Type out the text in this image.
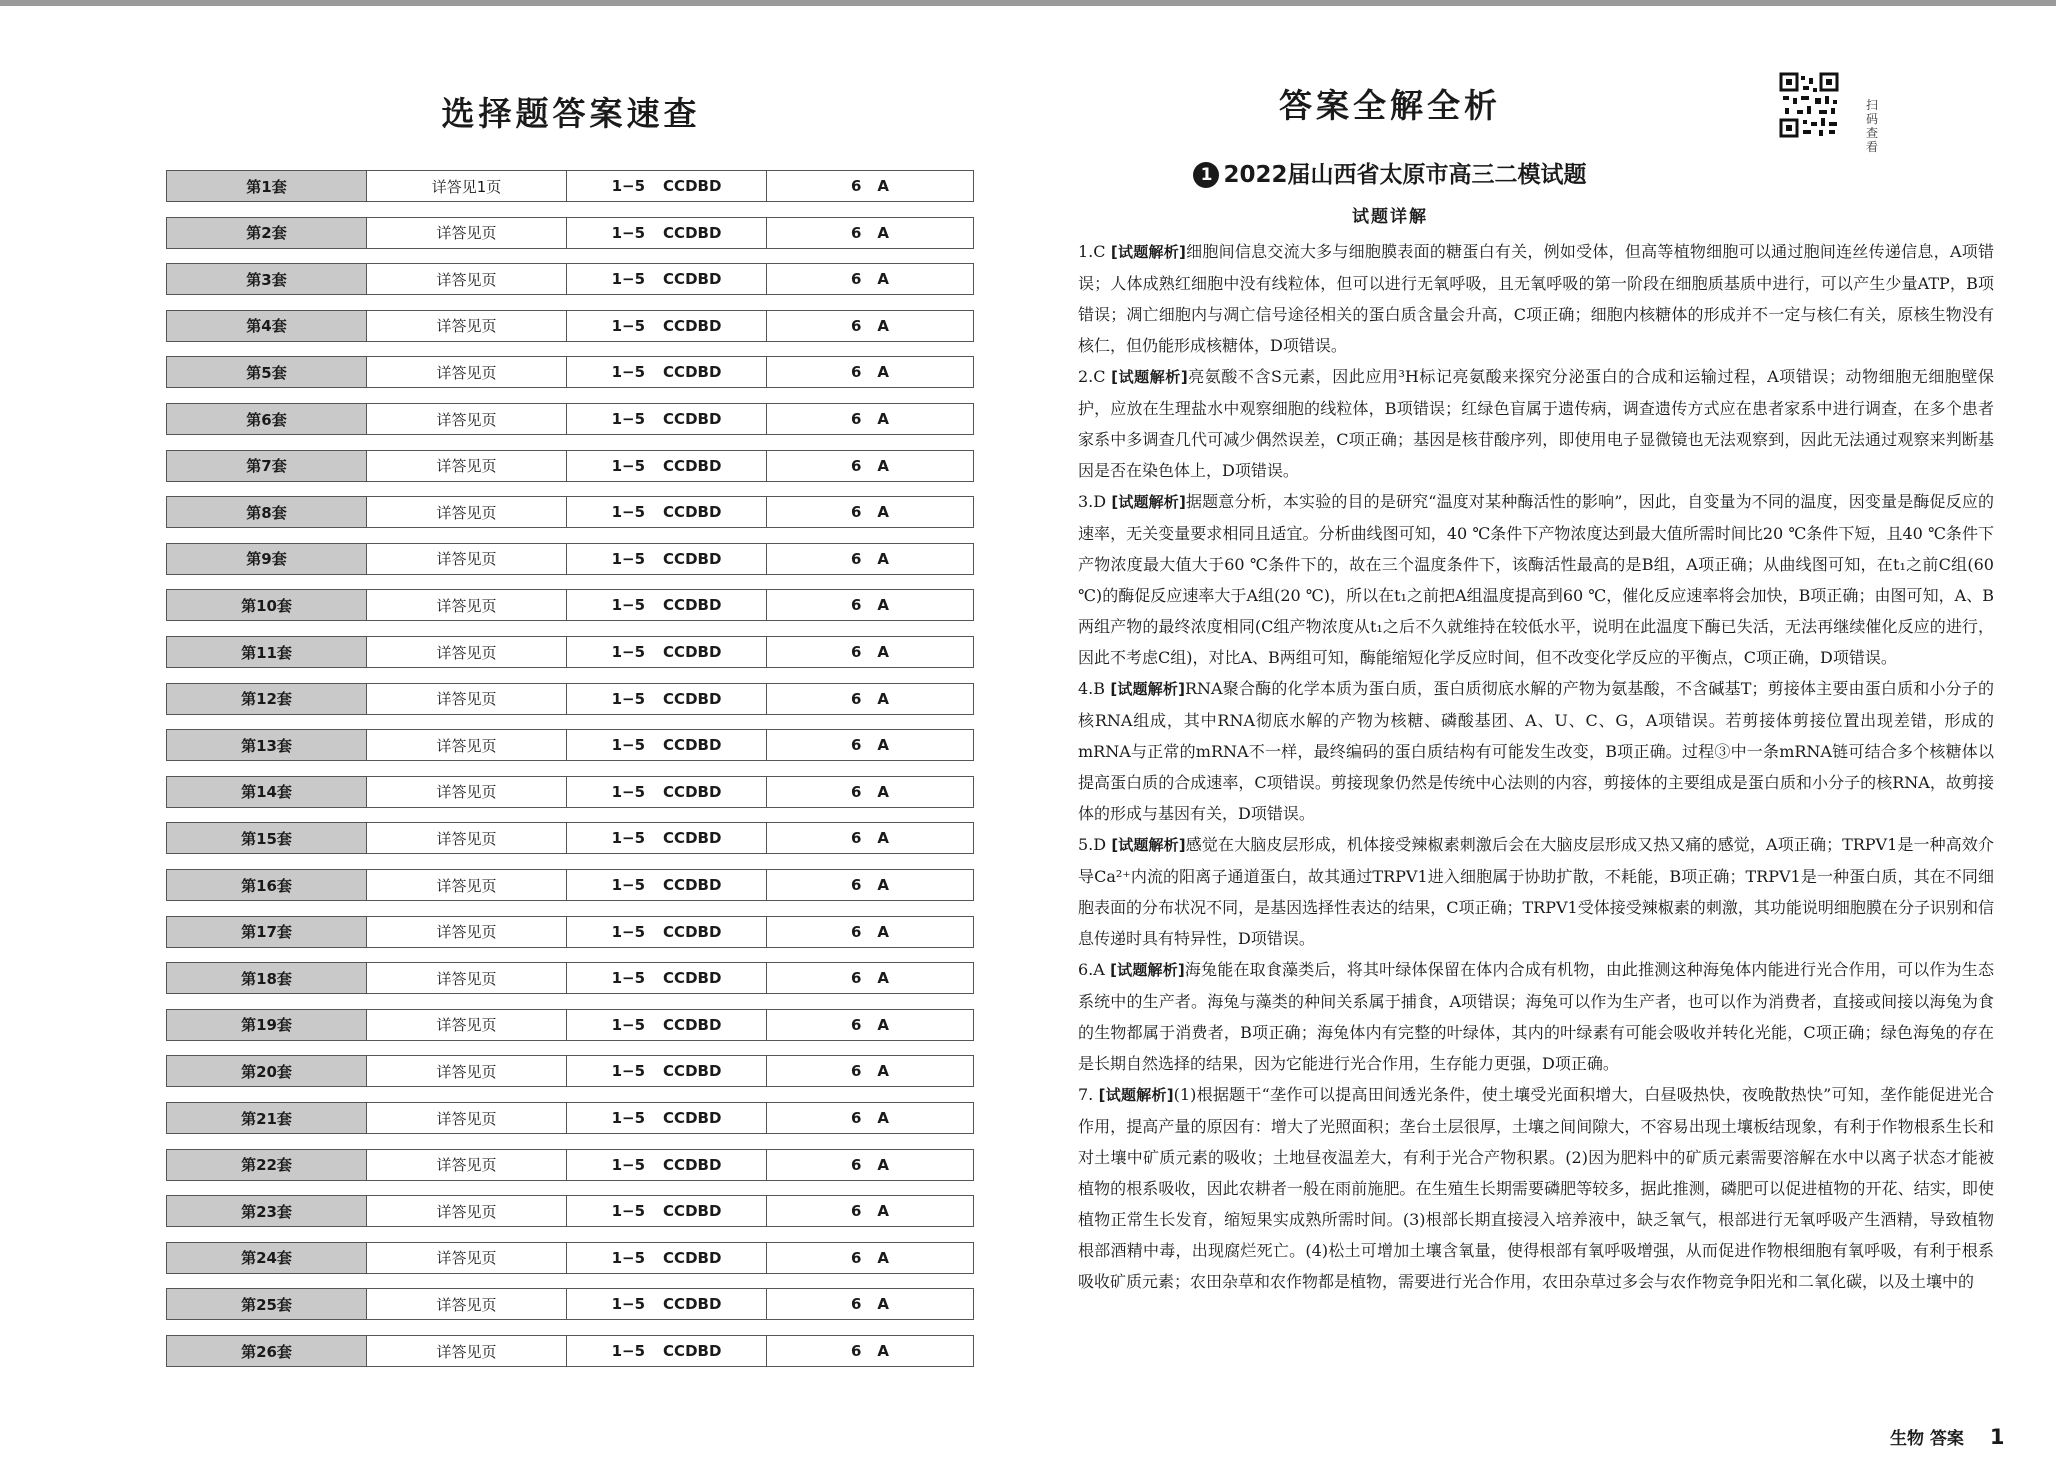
选择题答案速查
第1套	详答见1页	1−5 CCDBD	6 A
第2套	详答见页	1−5 CCDBD	6 A
第3套	详答见页	1−5 CCDBD	6 A
第4套	详答见页	1−5 CCDBD	6 A
第5套	详答见页	1−5 CCDBD	6 A
第6套	详答见页	1−5 CCDBD	6 A
第7套	详答见页	1−5 CCDBD	6 A
第8套	详答见页	1−5 CCDBD	6 A
第9套	详答见页	1−5 CCDBD	6 A
第10套	详答见页	1−5 CCDBD	6 A
第11套	详答见页	1−5 CCDBD	6 A
第12套	详答见页	1−5 CCDBD	6 A
第13套	详答见页	1−5 CCDBD	6 A
第14套	详答见页	1−5 CCDBD	6 A
第15套	详答见页	1−5 CCDBD	6 A
第16套	详答见页	1−5 CCDBD	6 A
第17套	详答见页	1−5 CCDBD	6 A
第18套	详答见页	1−5 CCDBD	6 A
第19套	详答见页	1−5 CCDBD	6 A
第20套	详答见页	1−5 CCDBD	6 A
第21套	详答见页	1−5 CCDBD	6 A
第22套	详答见页	1−5 CCDBD	6 A
第23套	详答见页	1−5 CCDBD	6 A
第24套	详答见页	1−5 CCDBD	6 A
第25套	详答见页	1−5 CCDBD	6 A
第26套	详答见页	1−5 CCDBD	6 A
答案全解全析	扫码查看
1 2022届山西省太原市高三二模试题
试题详解
1.C [试题解析]细胞间信息交流大多与细胞膜表面的糖蛋白有关，例如受体，但高等植物细胞可以通过胞间连丝传递信息，A项错误；人体成熟红细胞中没有线粒体，但可以进行无氧呼吸，且无氧呼吸的第一阶段在细胞质基质中进行，可以产生少量ATP，B项错误；凋亡细胞内与凋亡信号途径相关的蛋白质含量会升高，C项正确；细胞内核糖体的形成并不一定与核仁有关，原核生物没有核仁，但仍能形成核糖体，D项错误。
2.C [试题解析]亮氨酸不含S元素，因此应用³H标记亮氨酸来探究分泌蛋白的合成和运输过程，A项错误；动物细胞无细胞壁保护，应放在生理盐水中观察细胞的线粒体，B项错误；红绿色盲属于遗传病，调查遗传方式应在患者家系中进行调查，在多个患者家系中多调查几代可减少偶然误差，C项正确；基因是核苷酸序列，即使用电子显微镜也无法观察到，因此无法通过观察来判断基因是否在染色体上，D项错误。
3.D [试题解析]据题意分析，本实验的目的是研究“温度对某种酶活性的影响”，因此，自变量为不同的温度，因变量是酶促反应的速率，无关变量要求相同且适宜。分析曲线图可知，40 ℃条件下产物浓度达到最大值所需时间比20 ℃条件下短，且40 ℃条件下产物浓度最大值大于60 ℃条件下的，故在三个温度条件下，该酶活性最高的是B组，A项正确；从曲线图可知，在t₁之前C组(60 ℃)的酶促反应速率大于A组(20 ℃)，所以在t₁之前把A组温度提高到60 ℃，催化反应速率将会加快，B项正确；由图可知，A、B两组产物的最终浓度相同(C组产物浓度从t₁之后不久就维持在较低水平，说明在此温度下酶已失活，无法再继续催化反应的进行，因此不考虑C组)，对比A、B两组可知，酶能缩短化学反应时间，但不改变化学反应的平衡点，C项正确，D项错误。
4.B [试题解析]RNA聚合酶的化学本质为蛋白质，蛋白质彻底水解的产物为氨基酸，不含碱基T；剪接体主要由蛋白质和小分子的核RNA组成，其中RNA彻底水解的产物为核糖、磷酸基团、A、U、C、G，A项错误。若剪接体剪接位置出现差错，形成的mRNA与正常的mRNA不一样，最终编码的蛋白质结构有可能发生改变，B项正确。过程③中一条mRNA链可结合多个核糖体以提高蛋白质的合成速率，C项错误。剪接现象仍然是传统中心法则的内容，剪接体的主要组成是蛋白质和小分子的核RNA，故剪接体的形成与基因有关，D项错误。
5.D [试题解析]感觉在大脑皮层形成，机体接受辣椒素刺激后会在大脑皮层形成又热又痛的感觉，A项正确；TRPV1是一种高效介导Ca²⁺内流的阳离子通道蛋白，故其通过TRPV1进入细胞属于协助扩散，不耗能，B项正确；TRPV1是一种蛋白质，其在不同细胞表面的分布状况不同，是基因选择性表达的结果，C项正确；TRPV1受体接受辣椒素的刺激，其功能说明细胞膜在分子识别和信息传递时具有特异性，D项错误。
6.A [试题解析]海兔能在取食藻类后，将其叶绿体保留在体内合成有机物，由此推测这种海兔体内能进行光合作用，可以作为生态系统中的生产者。海兔与藻类的种间关系属于捕食，A项错误；海兔可以作为生产者，也可以作为消费者，直接或间接以海兔为食的生物都属于消费者，B项正确；海兔体内有完整的叶绿体，其内的叶绿素有可能会吸收并转化光能，C项正确；绿色海兔的存在是长期自然选择的结果，因为它能进行光合作用，生存能力更强，D项正确。
7. [试题解析](1)根据题干“垄作可以提高田间透光条件，使土壤受光面积增大，白昼吸热快，夜晚散热快”可知，垄作能促进光合作用，提高产量的原因有：增大了光照面积；垄台土层很厚，土壤之间间隙大，不容易出现土壤板结现象，有利于作物根系生长和对土壤中矿质元素的吸收；土地昼夜温差大，有利于光合产物积累。(2)因为肥料中的矿质元素需要溶解在水中以离子状态才能被植物的根系吸收，因此农耕者一般在雨前施肥。在生殖生长期需要磷肥等较多，据此推测，磷肥可以促进植物的开花、结实，即使植物正常生长发育，缩短果实成熟所需时间。(3)根部长期直接浸入培养液中，缺乏氧气，根部进行无氧呼吸产生酒精，导致植物根部酒精中毒，出现腐烂死亡。(4)松土可增加土壤含氧量，使得根部有氧呼吸增强，从而促进作物根细胞有氧呼吸，有利于根系吸收矿质元素；农田杂草和农作物都是植物，需要进行光合作用，农田杂草过多会与农作物竞争阳光和二氧化碳，以及土壤中的
生物 答案 1
